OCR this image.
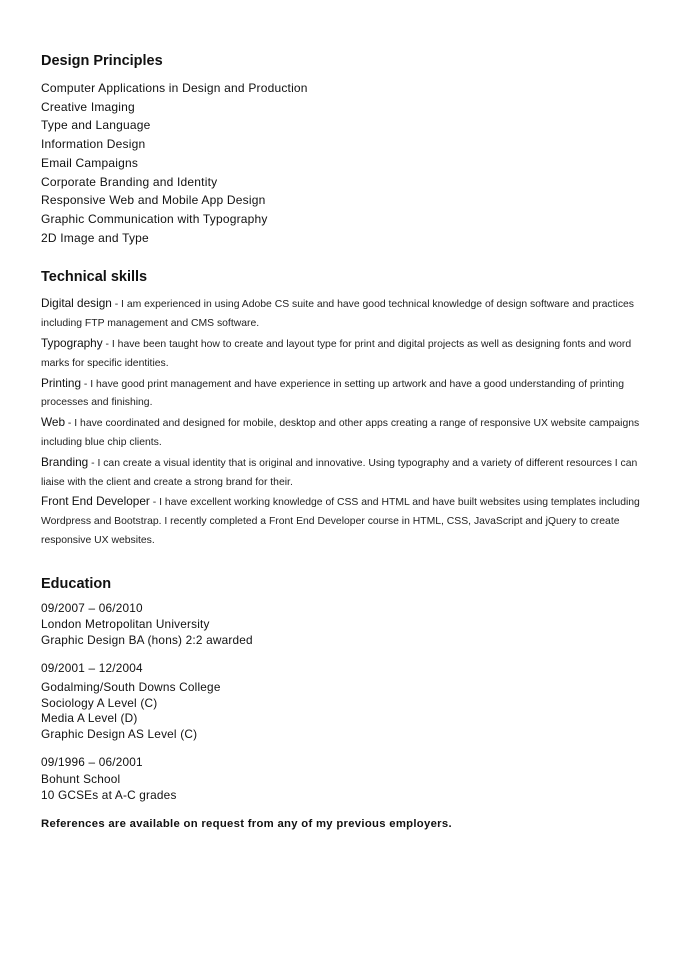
Design Principles
Computer Applications in Design and Production
Creative Imaging
Type and Language
Information Design
Email Campaigns
Corporate Branding and Identity
Responsive Web and Mobile App Design
Graphic Communication with Typography
2D Image and Type
Technical skills

Digital design - I am experienced in using Adobe CS suite and have good technical knowledge of design software and practices including FTP management and CMS software.

Typography - I have been taught how to create and layout type for print and digital projects as well as designing fonts and word marks for specific identities.

Printing - I have good print management and have experience in setting up artwork and have a good understanding of printing processes and finishing.

Web - I have coordinated and designed for mobile, desktop and other apps creating a range of responsive UX website campaigns including blue chip clients.

Branding - I can create a visual identity that is original and innovative. Using typography and a variety of different resources I can liaise with the client and create a strong brand for their.

Front End Developer - I have excellent working knowledge of CSS and HTML and have built websites using templates including Wordpress and Bootstrap. I recently completed a Front End Developer course in HTML, CSS, JavaScript and jQuery to create responsive UX websites.

Education
09/2007 – 06/2010
London Metropolitan University
Graphic Design BA (hons) 2:2 awarded
09/2001 – 12/2004
Godalming/South Downs College
Sociology A Level (C)
Media A Level (D)
Graphic Design AS Level (C)
09/1996 – 06/2001
Bohunt School
10 GCSEs at A-C grades
References are available on request from any of my previous employers.
